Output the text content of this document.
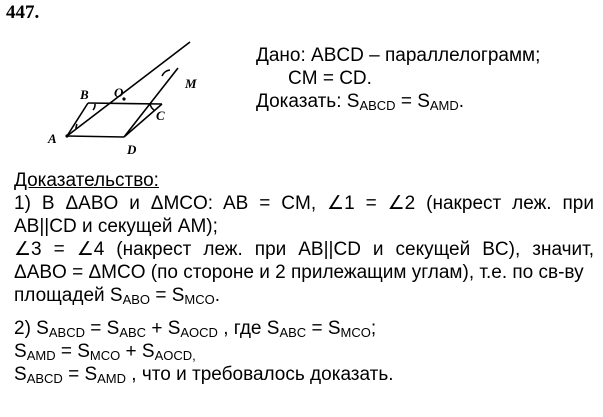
447.
A
B O
C
D
M
Дано: ABCD – параллелограмм;
CM = CD.
Доказать: $S_{ABCD} = S_{AMD}$.
Доказательство:
1) В ΔABO и ΔMCO: AB = CM, ∠1 = ∠2 (накрест леж. при
AB||CD и секущей AM);
∠3 = ∠4 (накрест леж. при AB||CD и секущей BC), значит,
ΔABO = ΔMCO (по стороне и 2 прилежащим углам), т.е. по св-ву
площадей $S_{ABO} = S_{MCO}$.
2) $S_{ABCD} = S_{ABC} + S_{AOCD}$ , где $S_{ABC} = S_{MCO}$;
$S_{AMD} = S_{MCO} + S_{AOCD,}$
$S_{ABCD} = S_{AMD}$ , что и требовалось доказать.
